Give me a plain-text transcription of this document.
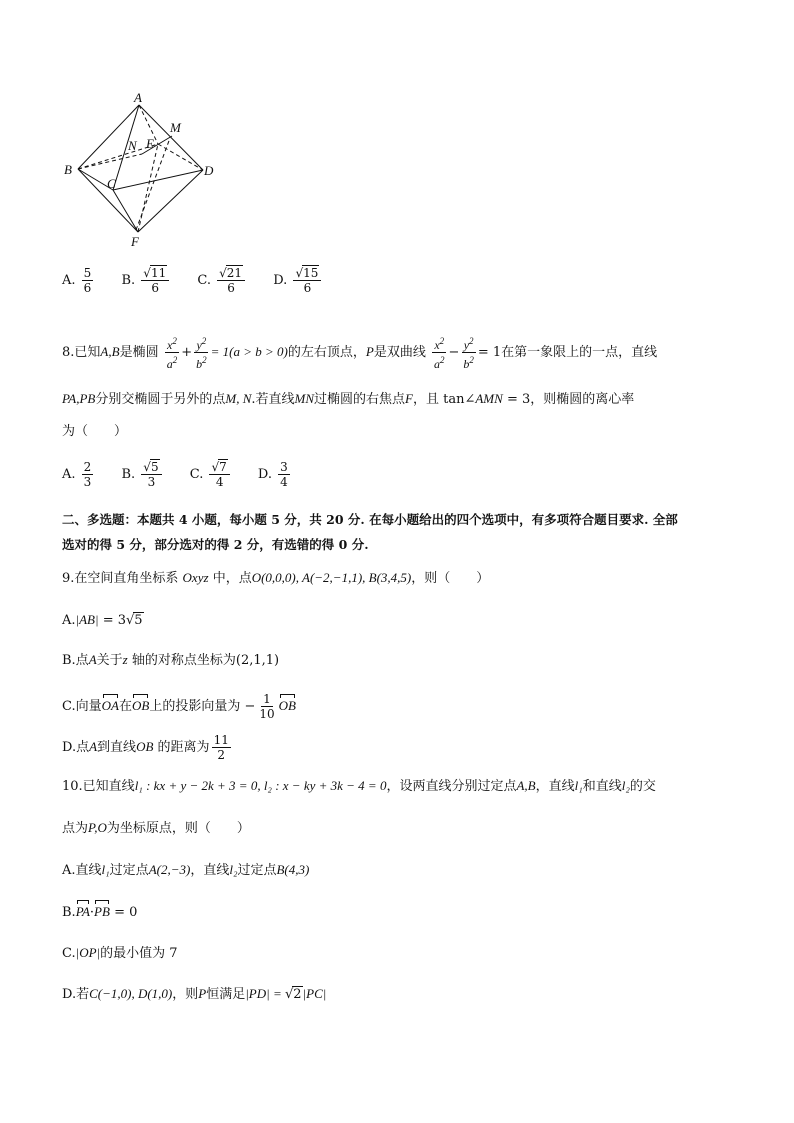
A
M
N E
B
C
D
F
A. $\frac{5}{6} B$. $\frac{√11}{6} C$. $\frac{√21}{6} D$. $\frac{√15}{6}$
8.已知A,B是椭圆 $\frac{x^2}{a^2} + \frac{y^2}{b^2} = 1(a > b > 0)$的左右顶点，P是双曲线 $\frac{x^2}{a^2} - \frac{y^2}{b^2} = 1$在第一象限上的一点，直线
PA,PB分别交椭圆于另外的点M, N.若直线MN过椭圆的右焦点F，且 tan∠AMN = 3，则椭圆的离心率
为（　　）
A. $\frac{2}{3} B$. $\frac{√5}{3} C$. $\frac{√7}{4} D$. $\frac{3}{4}$
二、多选题：本题共 4 小题，每小题 5 分，共 20 分. 在每小题给出的四个选项中，有多项符合题目要求. 全部
选对的得 5 分，部分选对的得 2 分，有选错的得 0 分.
9.在空间直角坐标系 Oxyz 中，点O(0,0,0), A(−2,−1,1), B(3,4,5)，则（　　）
A.|AB| = 3√5
B.点A关于z 轴的对称点坐标为(2,1,1)
C.向量OA在OB上的投影向量为 − $\frac{1}{10}$ OB
D.点A到直线OB 的距离为 $\frac{11}{2}$
10.已知直线l₁ : kx + y − 2k + 3 = 0, l₂ : x − ky + 3k − 4 = 0，设两直线分别过定点A,B，直线l₁和直线l₂的交
点为P,O为坐标原点，则（　　）
A.直线l₁过定点A(2,−3)，直线l₂过定点B(4,3)
B.PA·PB = 0
C.|OP|的最小值为 7
D.若C(−1,0), D(1,0)，则P恒满足|PD| = √2|PC|
